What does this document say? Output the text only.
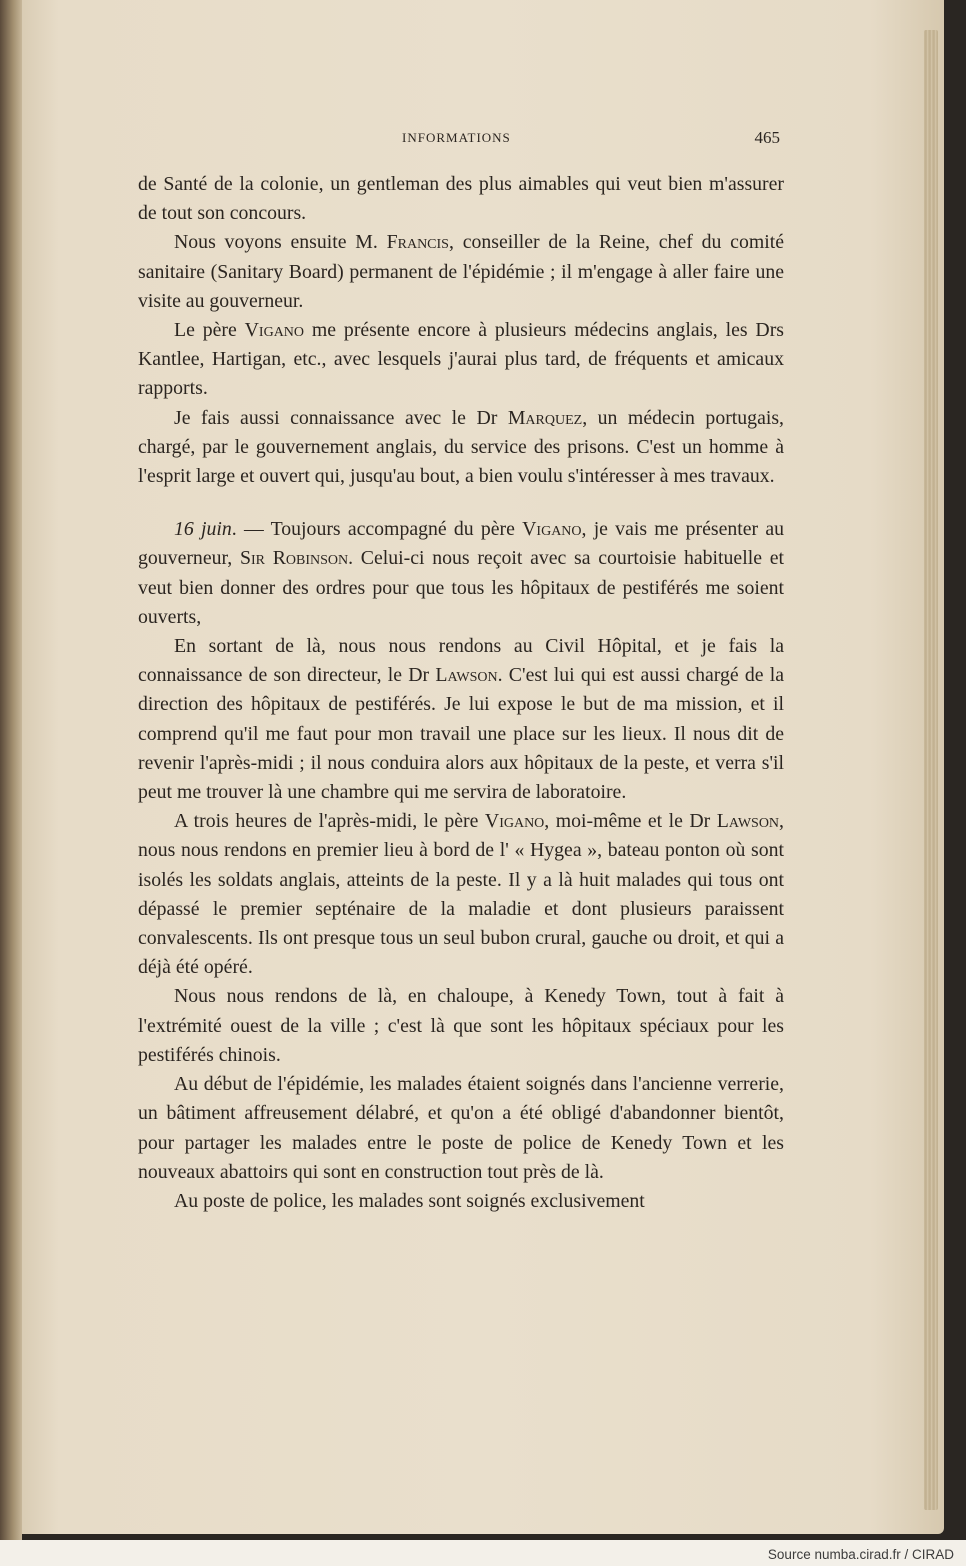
INFORMATIONS	465

de Santé de la colonie, un gentleman des plus aimables qui veut bien m'assurer de tout son concours.

Nous voyons ensuite M. Francis, conseiller de la Reine, chef du comité sanitaire (Sanitary Board) permanent de l'épidémie ; il m'engage à aller faire une visite au gouverneur.

Le père Vigano me présente encore à plusieurs médecins anglais, les Drs Kantlee, Hartigan, etc., avec lesquels j'aurai plus tard, de fréquents et amicaux rapports.

Je fais aussi connaissance avec le Dr Marquez, un médecin portugais, chargé, par le gouvernement anglais, du service des prisons. C'est un homme à l'esprit large et ouvert qui, jusqu'au bout, a bien voulu s'intéresser à mes travaux.

16 juin. — Toujours accompagné du père Vigano, je vais me présenter au gouverneur, Sir Robinson. Celui-ci nous reçoit avec sa courtoisie habituelle et veut bien donner des ordres pour que tous les hôpitaux de pestiférés me soient ouverts,

En sortant de là, nous nous rendons au Civil Hôpital, et je fais la connaissance de son directeur, le Dr Lawson. C'est lui qui est aussi chargé de la direction des hôpitaux de pestiférés. Je lui expose le but de ma mission, et il comprend qu'il me faut pour mon travail une place sur les lieux. Il nous dit de revenir l'après-midi ; il nous conduira alors aux hôpitaux de la peste, et verra s'il peut me trouver là une chambre qui me servira de laboratoire.

A trois heures de l'après-midi, le père Vigano, moi-même et le Dr Lawson, nous nous rendons en premier lieu à bord de l' « Hygea », bateau ponton où sont isolés les soldats anglais, atteints de la peste. Il y a là huit malades qui tous ont dépassé le premier septénaire de la maladie et dont plusieurs paraissent convalescents. Ils ont presque tous un seul bubon crural, gauche ou droit, et qui a déjà été opéré.

Nous nous rendons de là, en chaloupe, à Kenedy Town, tout à fait à l'extrémité ouest de la ville ; c'est là que sont les hôpitaux spéciaux pour les pestiférés chinois.

Au début de l'épidémie, les malades étaient soignés dans l'ancienne verrerie, un bâtiment affreusement délabré, et qu'on a été obligé d'abandonner bientôt, pour partager les malades entre le poste de police de Kenedy Town et les nouveaux abattoirs qui sont en construction tout près de là.

Au poste de police, les malades sont soignés exclusivement

Source numba.cirad.fr / CIRAD
